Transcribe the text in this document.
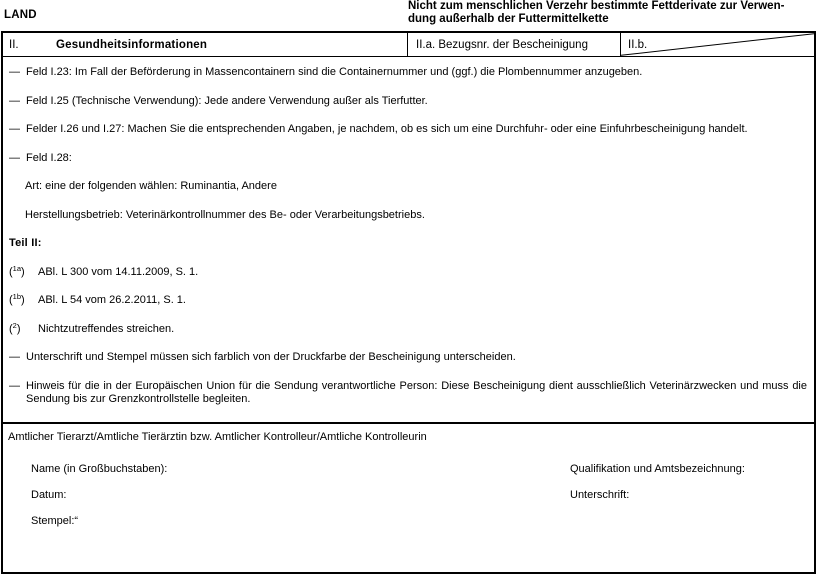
LAND
Nicht zum menschlichen Verzehr bestimmte Fettderivate zur Verwen-
dung außerhalb der Futtermittelkette
II.	Gesundheitsinformationen	II.a. Bezugsnr. der Bescheinigung	II.b.

— Feld I.23: Im Fall der Beförderung in Massencontainern sind die Containernummer und (ggf.) die Plombennummer anzugeben.

— Feld I.25 (Technische Verwendung): Jede andere Verwendung außer als Tierfutter.

— Felder I.26 und I.27: Machen Sie die entsprechenden Angaben, je nachdem, ob es sich um eine Durchfuhr- oder eine Einfuhrbescheinigung handelt.

— Feld I.28:

Art: eine der folgenden wählen: Ruminantia, Andere

Herstellungsbetrieb: Veterinärkontrollnummer des Be- oder Verarbeitungsbetriebs.

Teil II:

($^{1a}$) ABl. L 300 vom 14.11.2009, S. 1.

($^{1b}$) ABl. L 54 vom 26.2.2011, S. 1.

($^2$) Nichtzutreffendes streichen.

— Unterschrift und Stempel müssen sich farblich von der Druckfarbe der Bescheinigung unterscheiden.

— Hinweis für die in der Europäischen Union für die Sendung verantwortliche Person: Diese Bescheinigung dient ausschließlich Veterinärzwecken und muss die Sendung bis zur Grenzkontrollstelle begleiten.

Amtlicher Tierarzt/Amtliche Tierärztin bzw. Amtlicher Kontrolleur/Amtliche Kontrolleurin
Name (in Großbuchstaben):	Qualifikation und Amtsbezeichnung:
Datum:	Unterschrift:
Stempel:“
